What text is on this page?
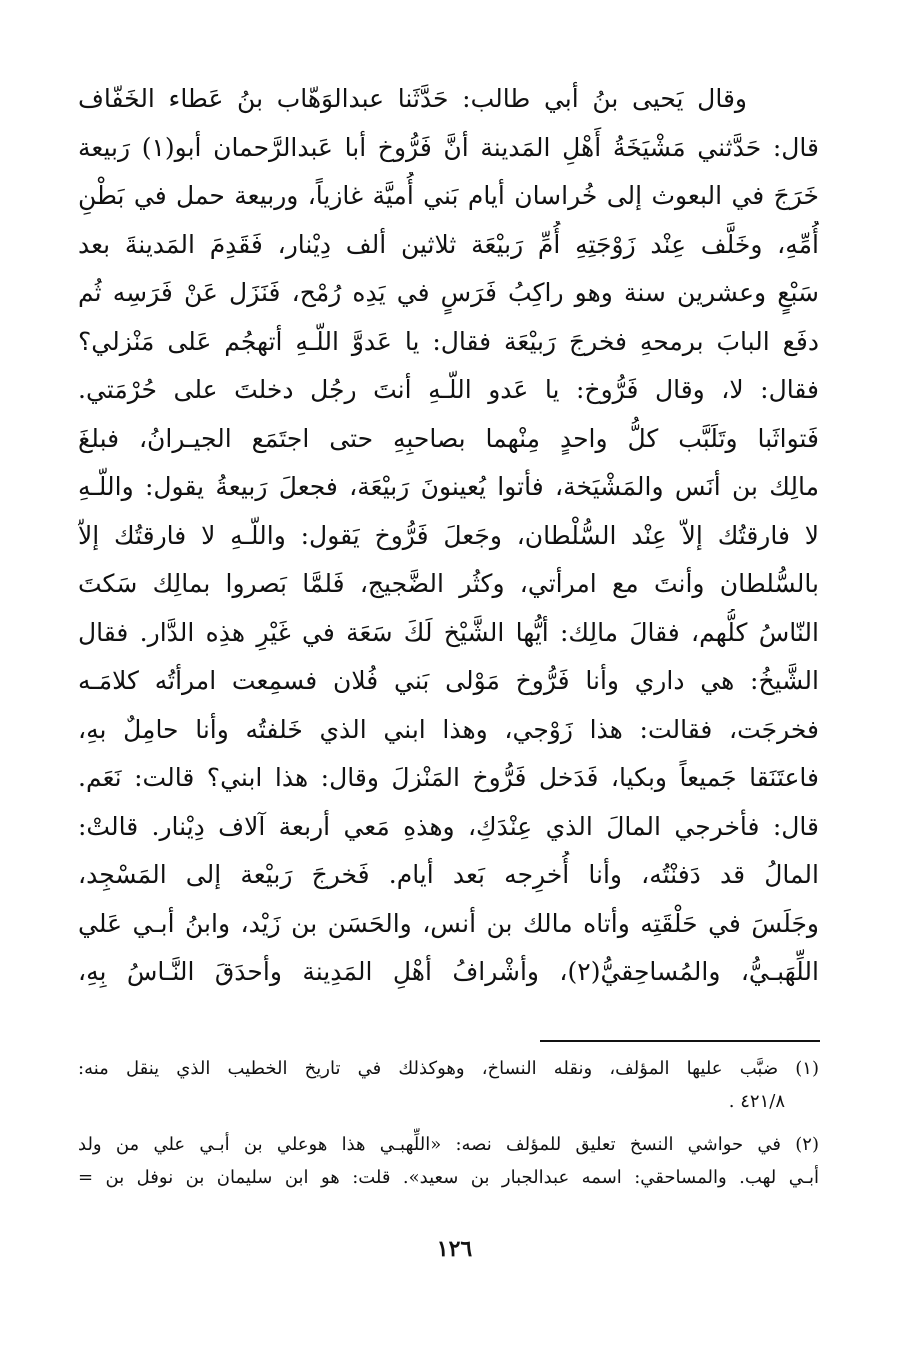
وقال يَحيى بنُ أبي طالب: حَدَّثَنا عبدالوَهّاب بنُ عَطاء الخَفّاف
قال: حَدَّثني مَشْيَخَةُ أَهْلِ المَدينة أنَّ فَرُّوخ أبا عَبدالرَّحمان أبو(١) رَبيعة
خَرَجَ في البعوث إلى خُراسان أيام بَني أُميَّة غازياً، وربيعة حمل في بَطْنِ
أُمِّهِ، وخَلَّف عِنْد زَوْجَتِهِ أُمِّ رَبيْعَة ثلاثين ألف دِيْنار، فَقَدِمَ المَدينةَ بعد
سَبْعٍ وعشرين سنة وهو راكِبُ فَرَسٍ في يَدِه رُمْح، فَنَزَل عَنْ فَرَسِه ثُم
دفَع البابَ برمحهِ فخرجَ رَبيْعَة فقال: يا عَدوَّ اللّـهِ أتهجُم عَلى مَنْزلي؟
فقال: لا، وقال فَرُّوخ: يا عَدو اللّـهِ أنتَ رجُل دخلتَ على حُرْمَتي.
فَتواثَبا وتَلَبَّب كلُّ واحدٍ مِنْهما بصاحبِهِ حتى اجتَمَع الجيـرانُ، فبلغَ
مالِك بن أنَس والمَشْيَخة، فأتوا يُعينونَ رَبيْعَة، فجعلَ رَبيعةُ يقول: واللّـهِ
لا فارقتُك إلاّ عِنْد السُّلْطان، وجَعلَ فَرُّوخ يَقول: واللّـهِ لا فارقتُك إلاّ
بالسُّلطان وأنتَ مع امرأتي، وكثُر الضَّجيج، فَلمَّا بَصروا بمالِك سَكتَ
النّاسُ كلُّهم، فقالَ مالِك: أيُّها الشَّيْخ لَكَ سَعَة في غَيْرِ هذِه الدَّار. فقال
الشَّيخُ: هي داري وأنا فَرُّوخ مَوْلى بَني فُلان فسمِعت امرأتُه كلامَـه
فخرجَت، فقالت: هذا زَوْجي، وهذا ابني الذي خَلفتُه وأنا حامِلٌ بهِ،
فاعتَنَقا جَميعاً وبكيا، فَدَخل فَرُّوخ المَنْزلَ وقال: هذا ابني؟ قالت: نَعَم.
قال: فأخرجي المالَ الذي عِنْدَكِ، وهذهِ مَعي أربعة آلاف دِيْنار. قالتْ:
المالُ قد دَفنْتُه، وأنا أُخرِجه بَعد أيام. فَخرجَ رَبيْعة إلى المَسْجِد،
وجَلَسَ في حَلْقَتِه وأتاه مالك بن أنس، والحَسَن بن زَيْد، وابنُ أبـي عَلي
اللِّهَبـيُّ، والمُساحِقيُّ(٢)، وأشْرافُ أهْلِ المَدِينة وأحدَقَ النَّـاسُ بِهِ،
(١) ضبَّب عليها المؤلف، ونقله النساخ، وهوكذلك في تاريخ الخطيب الذي ينقل منه:
٤٢١/٨ .
(٢) في حواشي النسخ تعليق للمؤلف نصه: «اللِّهبـي هذا هوعلي بن أبـي علي من ولد
أبـي لهب. والمساحقي: اسمه عبدالجبار بن سعيد». قلت: هو ابن سليمان بن نوفل بن =
١٢٦
